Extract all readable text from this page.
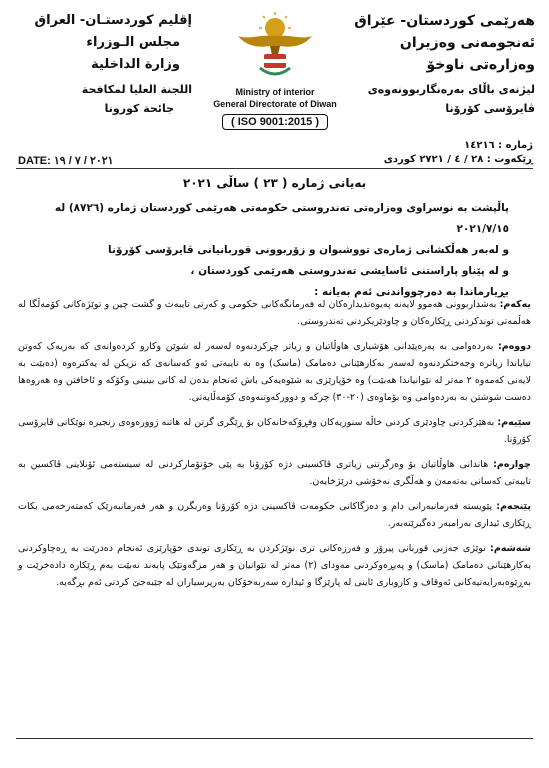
هەرێمی کوردستان- عێراق
ئەنجومەنی وەزیران
وەزارەتی ناوخۆ
لیژنەی باڵای بەرەنگاربوونەوەی
ڤایرۆسی کۆرۆنا
Ministry of interior
General Directorate of Diwan
( ISO 9001:2015 )
إقليم كوردستـان- العراق
مجلس الـوزراء
وزارة الداخلية
اللجنة العليا لمكافحة
جائحة كورونا
ژمارە : ١٤٢١٦
ڕێکەوت : ٢٨ / ٤ / ٢٧٢١ كوردى
DATE: ٢٠٢١ / ٧ / ١٩
بەیانی ژمارە ( ٢٣ ) ساڵی ٢٠٢١

پاڵپشت بە نوسراوی وەزارەتی تەندروستی حکومەتی هەرێمی کوردستان ژمارە (٨٧٢٦) لە ٢٠٢١/٧/١٥

و لەبەر هەڵکشانی ژمارەی تووشبوان و زۆربوونی قوربانیانی ڤایرۆسی کۆرۆنا

و لە پێناو پاراستنی ئاسایشی تەندروستی هەرێمی کوردستان ،

بڕیارماندا بە دەرچوواندنی ئەم بەیانە :

یەکەم: بەشداربوونی هەموو لایەنە پەیوەندیدارەکان لە فەرمانگەکانی حکومی و کەرتی تایبەت و گشت چین و توێژەکانی کۆمەڵگا لە هەڵمەتی توندکردنی ڕێکارەکان و چاودێریکردنی تەندروستی.

دووەم: بەردەوامی بە پەرەپێدانی هۆشیاری هاوڵاتیان و زیاتر چڕکردنەوە لەسەر لە شوێن وکارو کردەوانەی کە بەریەک کەوتن تیایاندا زیاترە وجەختکردنەوە لەسەر بەکارهێنانی دەمامک (ماسک) وە بە تایبەتی ئەو کەسانەی کە نزیکن لە یەکترەوە (دەبێت بە لایەنی کەمەوە ٢ مەتر لە نێوانیاندا هەبێت) وە خۆپارێزی بە شێوەیەکی باش ئەنجام بدەن لە کاتی بینینی وکۆکە و ئاخافتن وە هەروەها دەست شوشتن بە بەردەوامی وە بۆماوەی (٢٠-٣٠) چرکە و دوورکەوتنەوەی کۆمەڵایەتی.

سێیەم: بەهێزکردنی چاودێری کردنی خاڵە سنوریەکان وفڕۆکەخانەکان بۆ ڕێگری گرتن لە هاتنە ژوورەوەی زنجیرە نوێکانی ڤایرۆسی کۆرۆنا.

چوارەم: هاندانی هاوڵاتیان بۆ وەرگرتنی زیاتری ڤاکسینی دژە کۆرۆنا بە پێی خۆتۆمارکردنی لە سیستەمی ئۆنلاینی ڤاکسین بە تایبەتی کەسانی بەتەمەن و هەڵگری نەخۆشی درێژخایەن.

پێنجەم: پێویستە فەرمانبەرانی دام و دەزگاکانی حکومەت ڤاکسینی دژە کۆرۆنا وەربگرن و هەر فەرمانبەرێک کەمتەرخەمی بکات ڕێکاری ئیداری بەرامبەر دەگیرێتەبەر.

شەشەم: نوێژی جەژنی قوربانی پیرۆز و فەرزەکانی تری نوێژکردن بە ڕێکاری توندی خۆپارێزی ئەنجام دەدرێت بە ڕەچاوکردنی بەکارهێنانی دەمامک (ماسک) و پەیڕەوکردنی مەودای (٢) مەتر لە نێوانیان و هەر مزگەوتێک پابەند نەبێت بەم ڕێکارە دادەخرێت و بەڕێوەبەرایەتیەکانی ئەوقاف و کاروباری ئاینی لە پارێزگا و ئیدارە سەربەخۆکان بەرپرسیاران لە جێبەجێ کردنی ئەم بڕگەیە.
